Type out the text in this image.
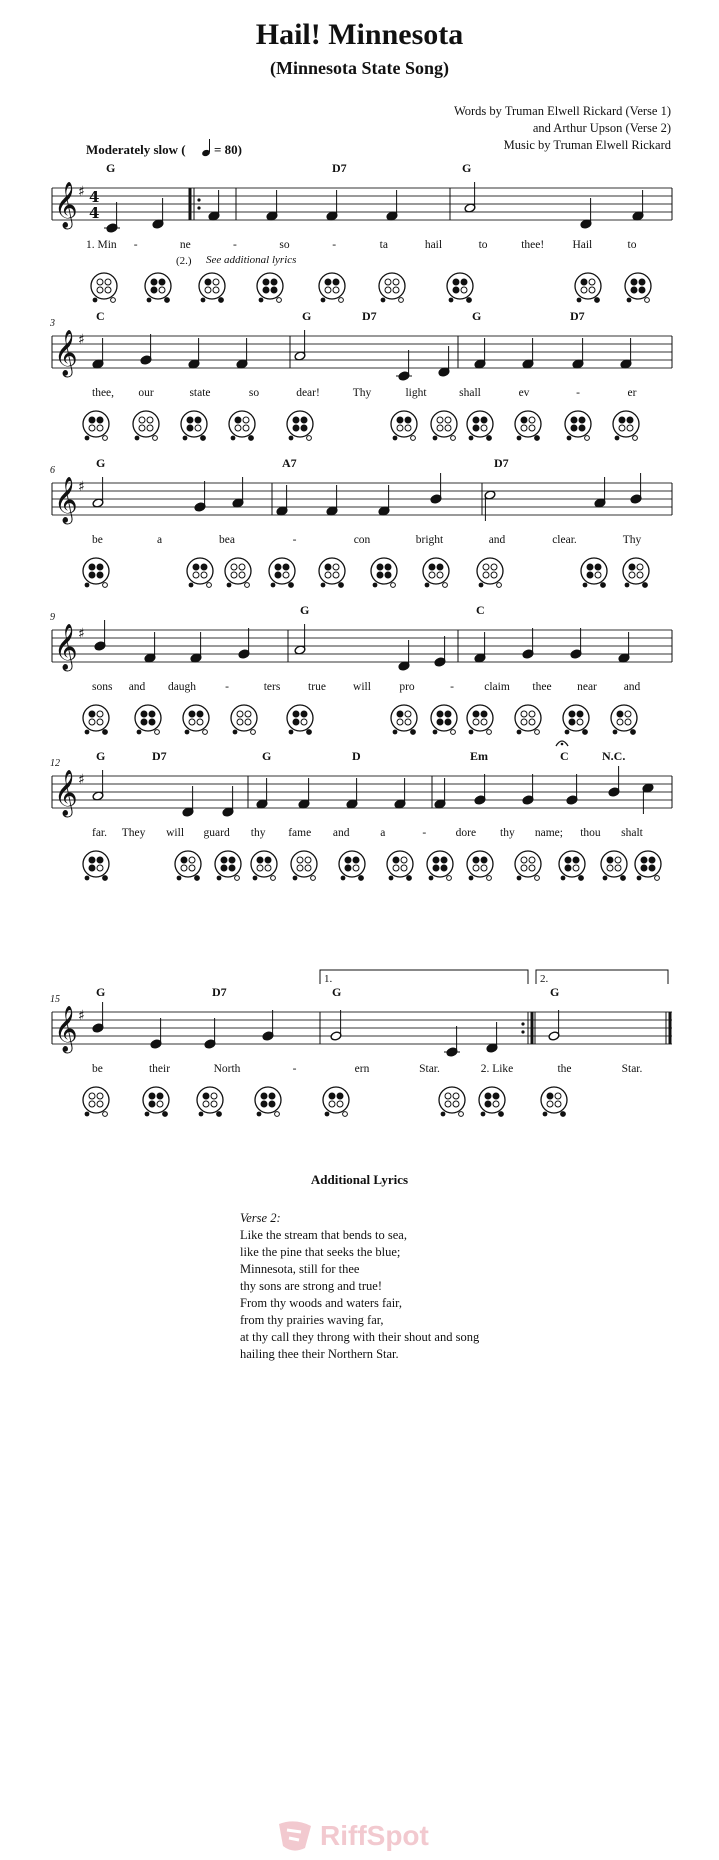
Hail! Minnesota
(Minnesota State Song)
Words by Truman Elwell Rickard (Verse 1)
and Arthur Upson (Verse 2)
Music by Truman Elwell Rickard
Moderately slow ( = 80)
𝄞 ♯ 4
4
G	D7	G
1. Min -	ne	-	so	-	ta	hail	to	thee! Hail	to
(2.) See additional lyrics
𝄞 ♯
3
C	G	D7	G	D7
thee, our	state	so	dear!	Thy	light	shall	ev	-	er
𝄞 ♯
6
G	A7	D7
be	a	bea	-	con	bright	and	clear.	Thy
𝄞 ♯
9
G	C
sons and daugh	-	ters true will pro	-	claim thee near and
𝄞 ♯
12
G	D7	G	D	Em	C	N.C.
far. They will guard thy fame and	a	-	dore thy name; thou shalt
𝄞 ♯
15
1.	2.
G	D7	G	G
be	their	North	-	ern	Star.	2. Like	the	Star.
Additional Lyrics
Verse 2:
Like the stream that bends to sea,
like the pine that seeks the blue;
Minnesota, still for thee
thy sons are strong and true!
From thy woods and waters fair,
from thy prairies waving far,
at thy call they throng with their shout and song
hailing thee their Northern Star.
RiffSpot
